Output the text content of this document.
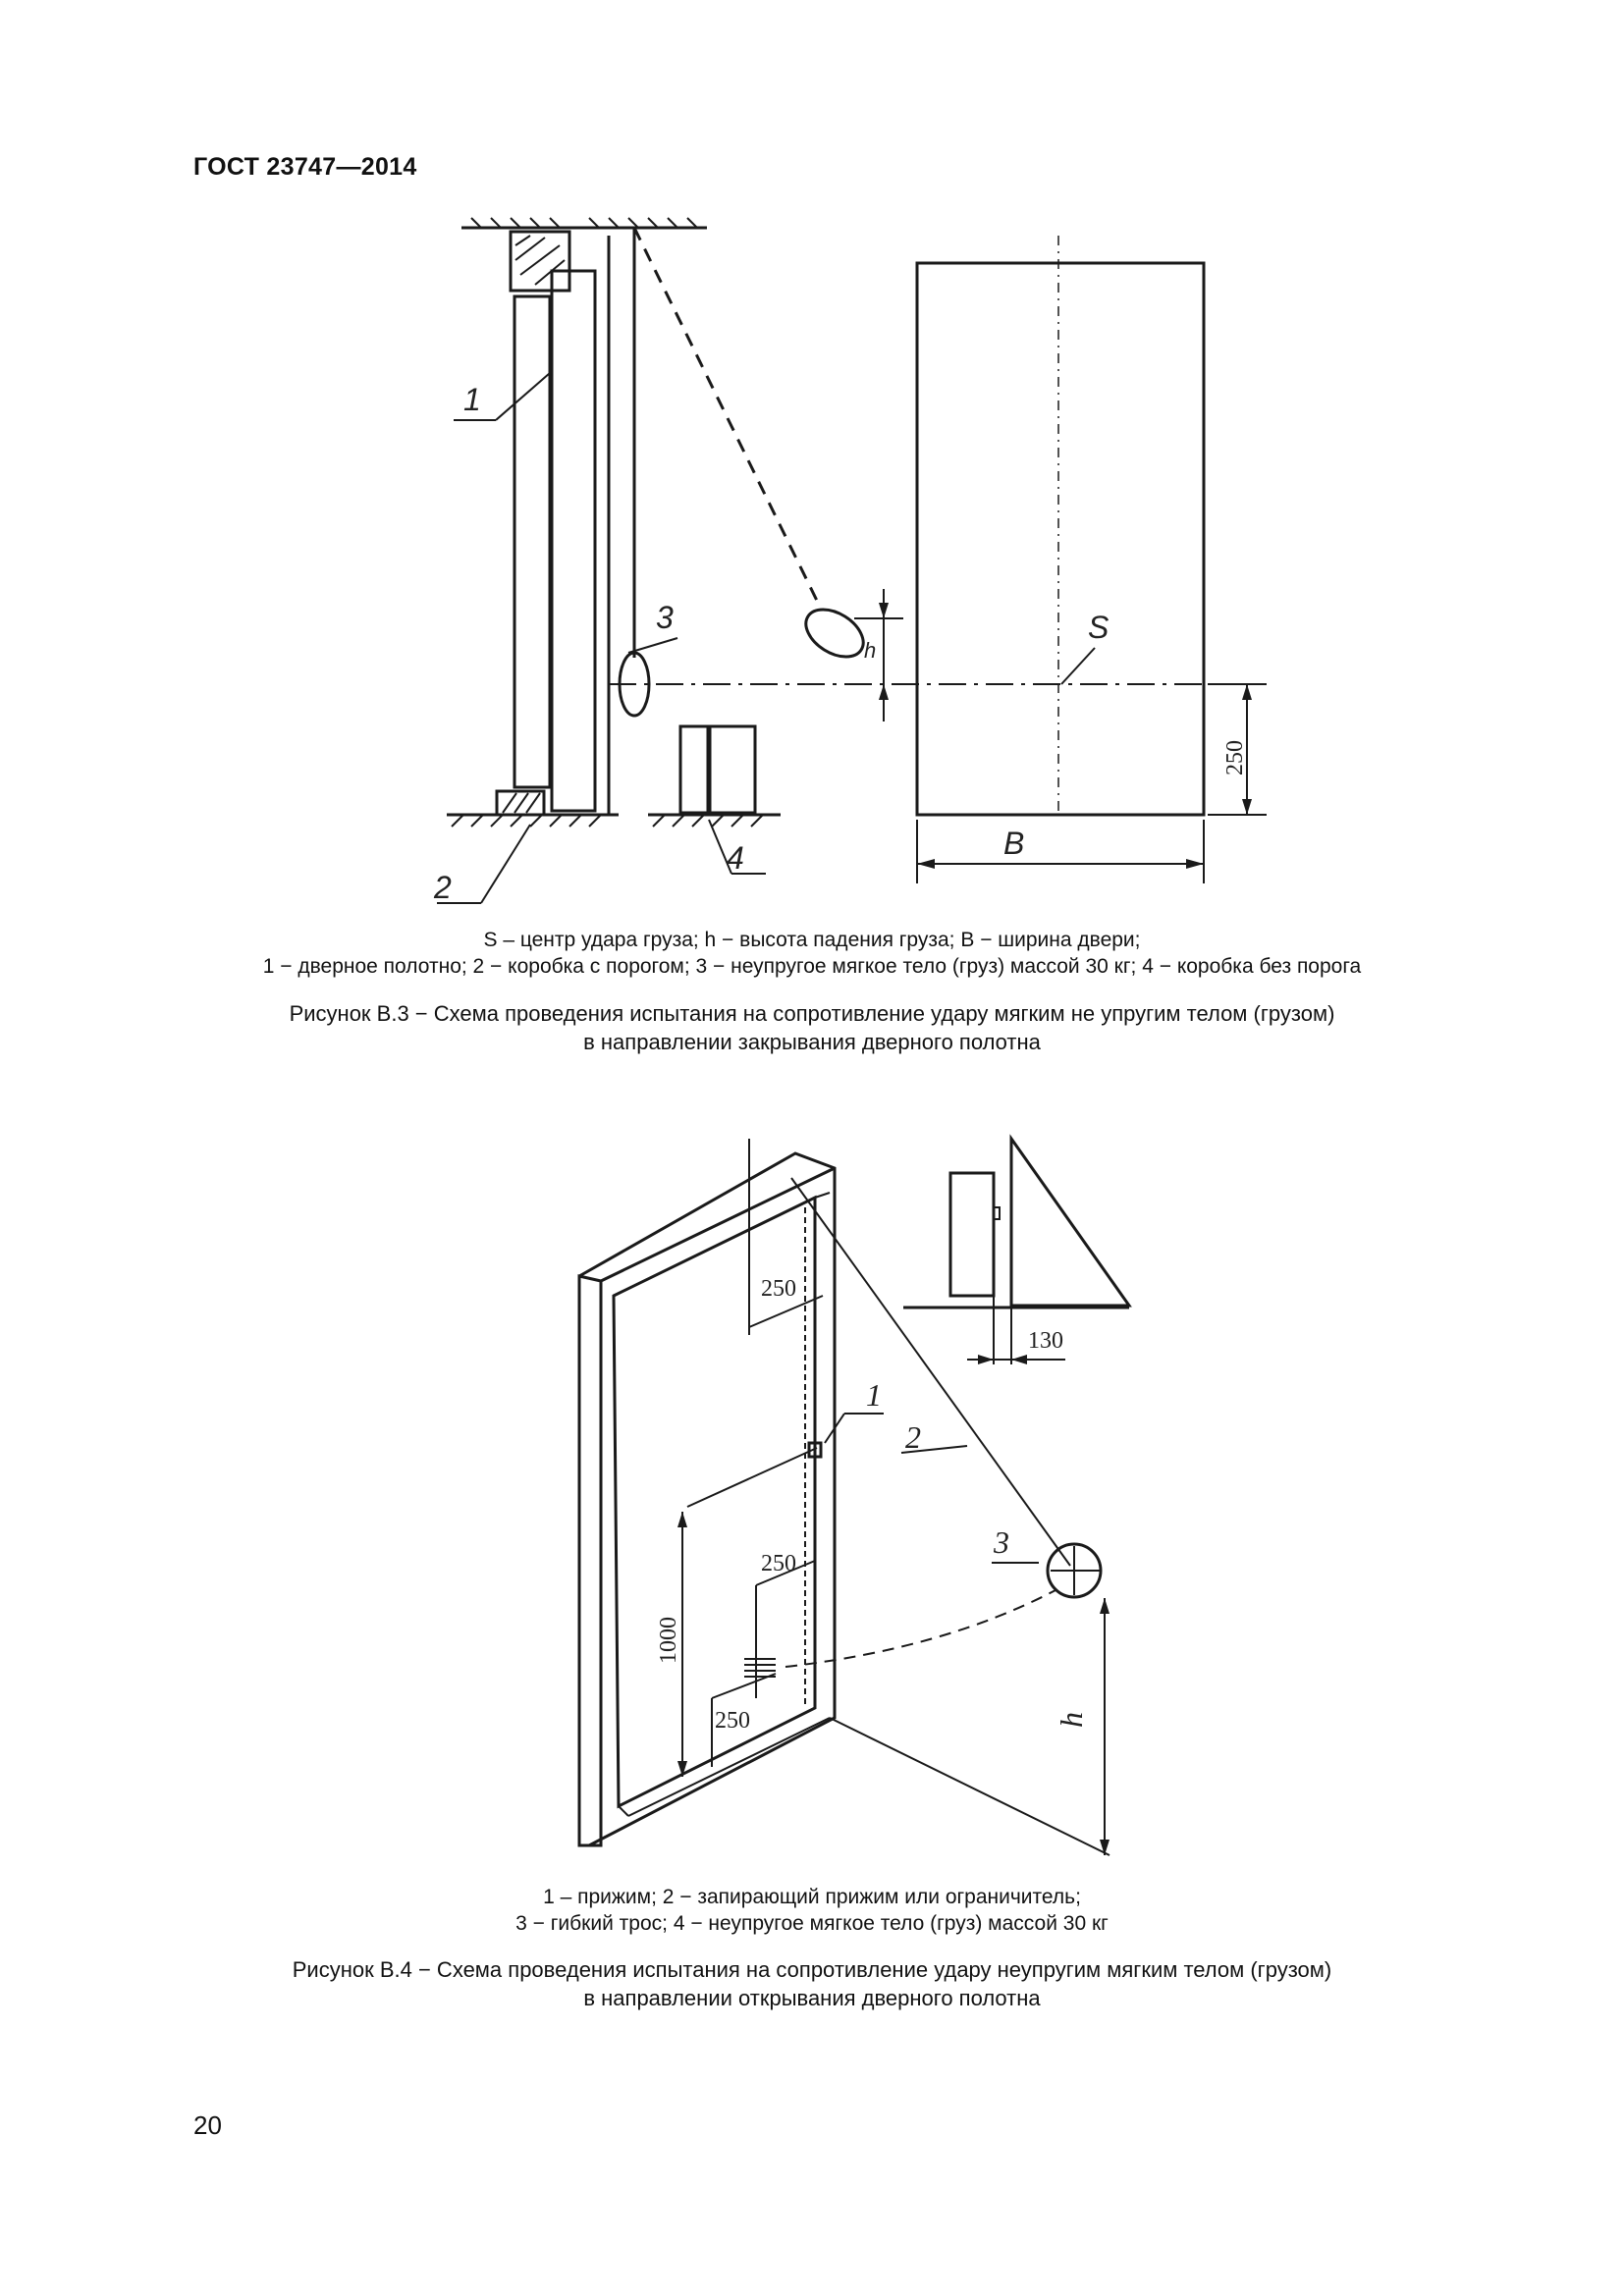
ГОСТ 23747—2014
1
2
3
4
S
h
B
250
S – центр удара груза; h − высота падения груза; B − ширина двери;
1 − дверное полотно; 2 − коробка с порогом; 3 − неупругое мягкое тело (груз) массой 30 кг; 4 − коробка без порога
Рисунок В.3 − Схема проведения испытания на сопротивление удару мягким не упругим телом (грузом)
в направлении закрывания дверного полотна
1
2
3
h
250
130
250
1000
250
1 – прижим; 2 − запирающий прижим или ограничитель;
3 − гибкий трос; 4 − неупругое мягкое тело (груз) массой 30 кг
Рисунок В.4 − Схема проведения испытания на сопротивление удару неупругим мягким телом (грузом)
в направлении открывания дверного полотна
20
